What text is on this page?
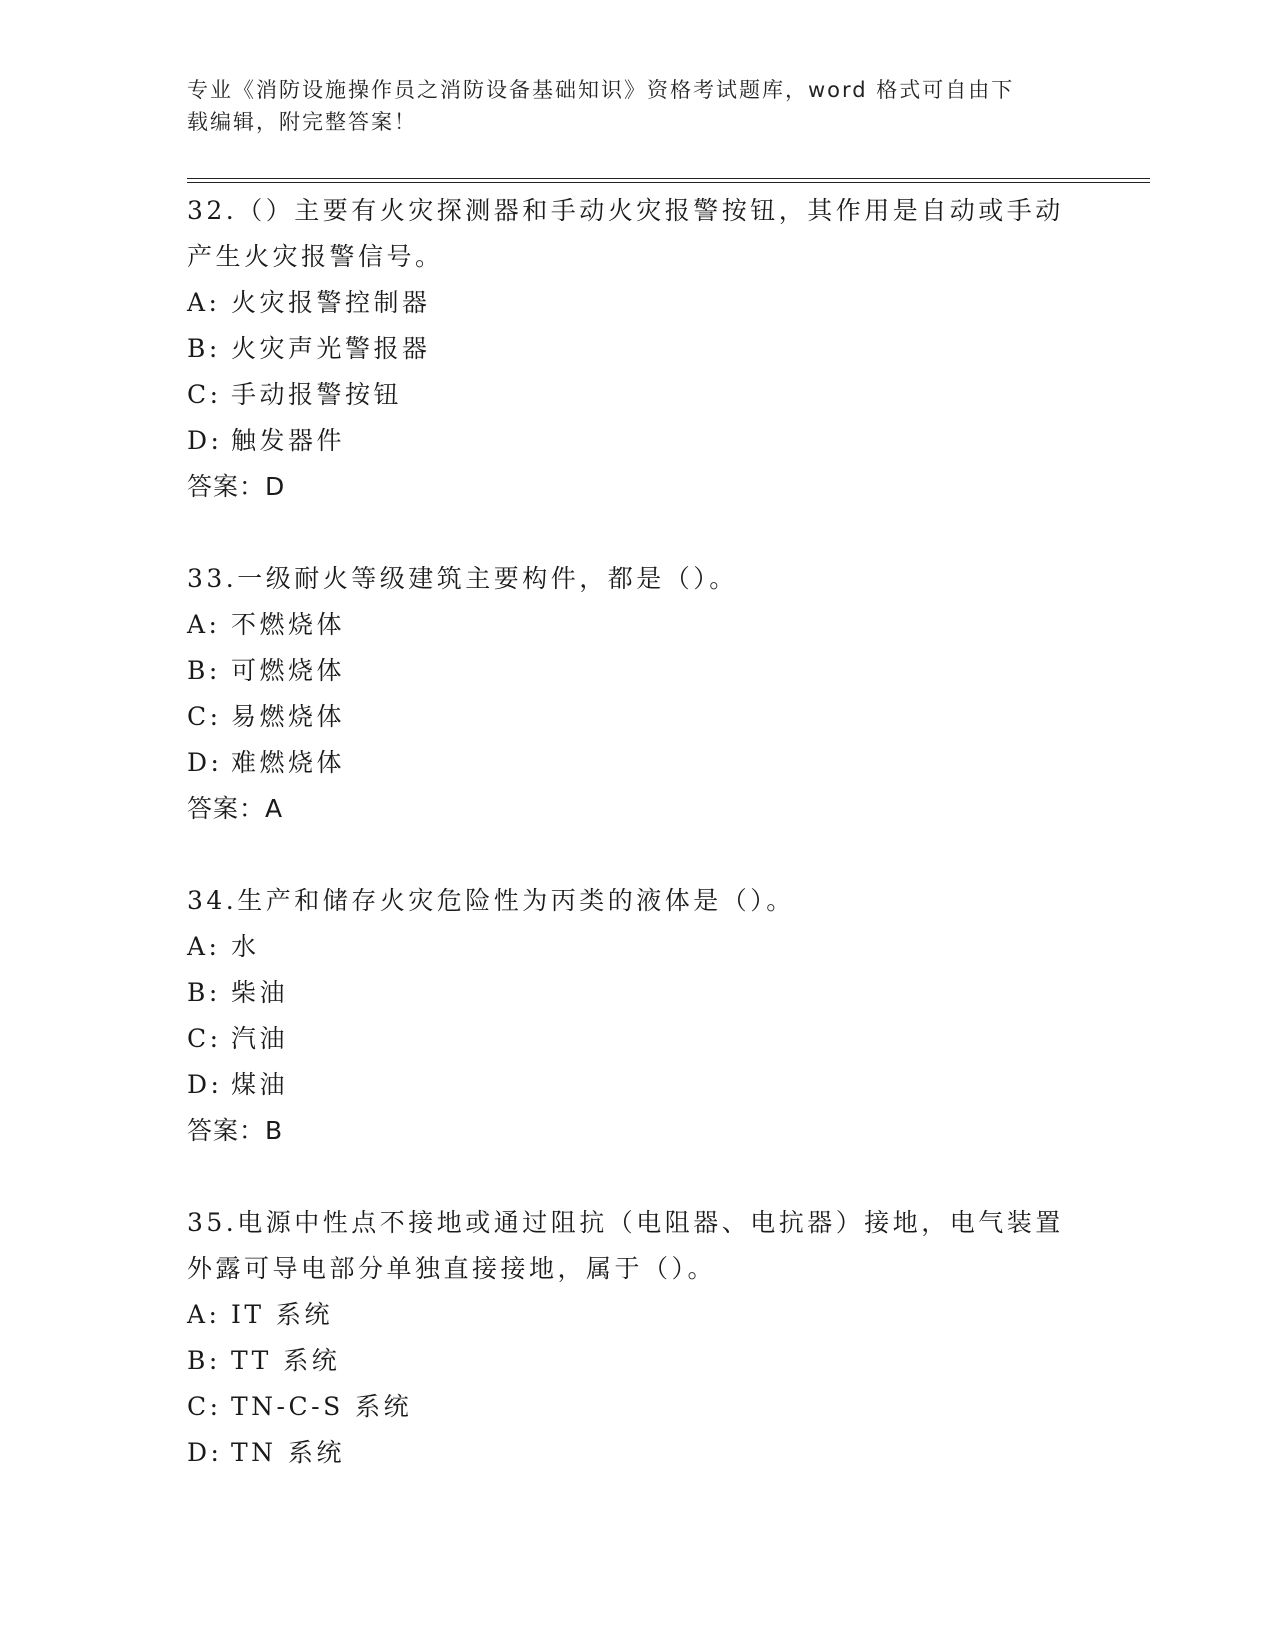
专业《消防设施操作员之消防设备基础知识》资格考试题库，word 格式可自由下
载编辑，附完整答案！

32.（）主要有火灾探测器和手动火灾报警按钮，其作用是自动或手动

产生火灾报警信号。

A: 火灾报警控制器

B: 火灾声光警报器

C: 手动报警按钮

D: 触发器件

答案：D

33.一级耐火等级建筑主要构件，都是（）。

A: 不燃烧体

B: 可燃烧体

C: 易燃烧体

D: 难燃烧体

答案：A

34.生产和储存火灾危险性为丙类的液体是（）。

A: 水

B: 柴油

C: 汽油

D: 煤油

答案：B

35.电源中性点不接地或通过阻抗（电阻器、电抗器）接地，电气装置

外露可导电部分单独直接接地，属于（）。

A: IT 系统

B: TT 系统

C: TN-C-S 系统

D: TN 系统
